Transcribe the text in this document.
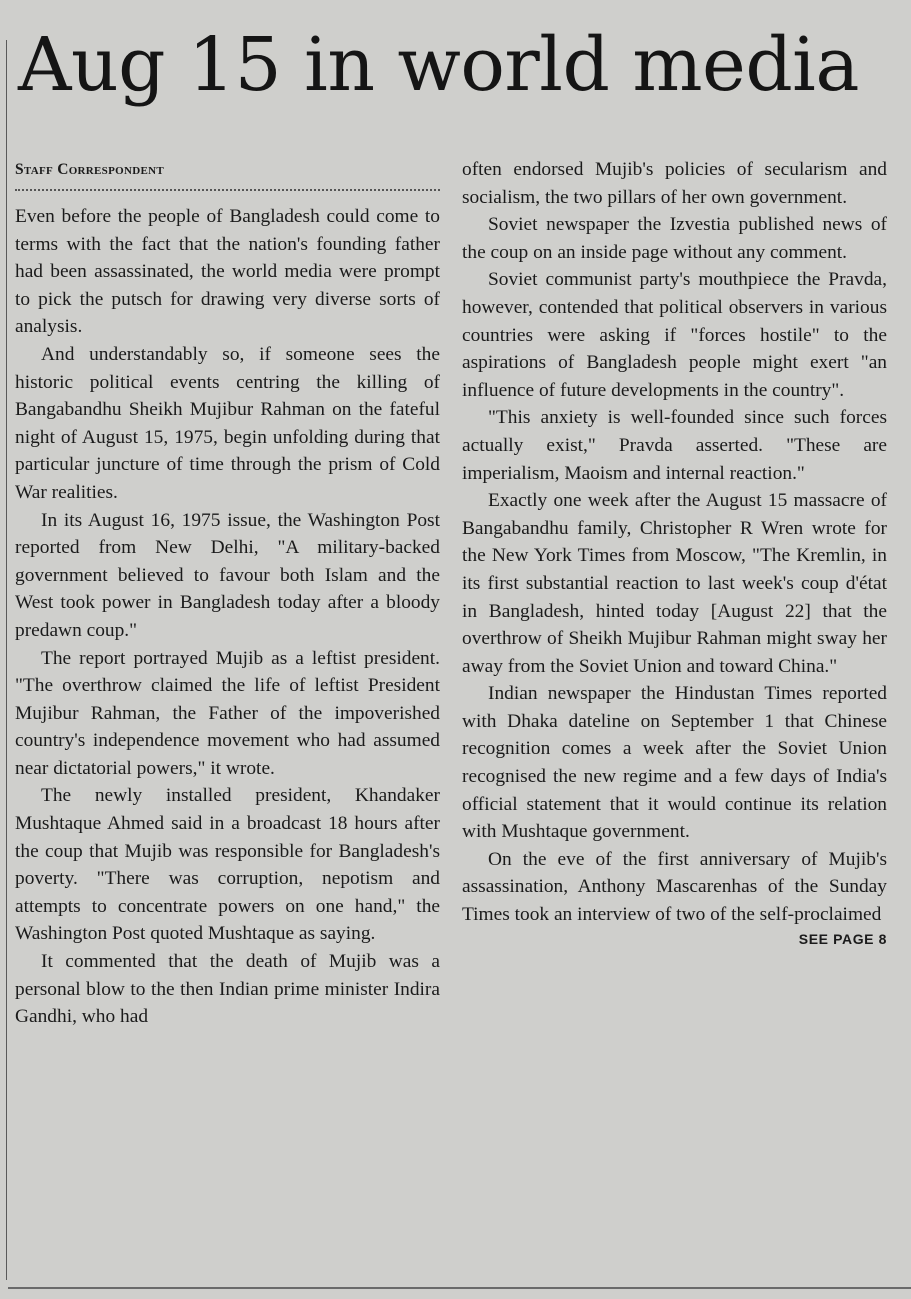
Aug 15 in world media
Staff Correspondent

Even before the people of Bangladesh could come to terms with the fact that the nation's founding father had been assassinated, the world media were prompt to pick the putsch for drawing very diverse sorts of analysis.

And understandably so, if someone sees the historic political events centring the killing of Bangabandhu Sheikh Mujibur Rahman on the fateful night of August 15, 1975, begin unfolding during that particular juncture of time through the prism of Cold War realities.

In its August 16, 1975 issue, the Washington Post reported from New Delhi, "A military-backed government believed to favour both Islam and the West took power in Bangladesh today after a bloody predawn coup."

The report portrayed Mujib as a leftist president. "The overthrow claimed the life of leftist President Mujibur Rahman, the Father of the impoverished country's independence movement who had assumed near dictatorial powers," it wrote.

The newly installed president, Khandaker Mushtaque Ahmed said in a broadcast 18 hours after the coup that Mujib was responsible for Bangladesh's poverty. "There was corruption, nepotism and attempts to concentrate powers on one hand," the Washington Post quoted Mushtaque as saying.

It commented that the death of Mujib was a personal blow to the then Indian prime minister Indira Gandhi, who had

often endorsed Mujib's policies of secularism and socialism, the two pillars of her own government.

Soviet newspaper the Izvestia published news of the coup on an inside page without any comment.

Soviet communist party's mouthpiece the Pravda, however, contended that political observers in various countries were asking if "forces hostile" to the aspirations of Bangladesh people might exert "an influence of future developments in the country".

"This anxiety is well-founded since such forces actually exist," Pravda asserted. "These are imperialism, Maoism and internal reaction."

Exactly one week after the August 15 massacre of Bangabandhu family, Christopher R Wren wrote for the New York Times from Moscow, "The Kremlin, in its first substantial reaction to last week's coup d'état in Bangladesh, hinted today [August 22] that the overthrow of Sheikh Mujibur Rahman might sway her away from the Soviet Union and toward China."

Indian newspaper the Hindustan Times reported with Dhaka dateline on September 1 that Chinese recognition comes a week after the Soviet Union recognised the new regime and a few days of India's official statement that it would continue its relation with Mushtaque government.

On the eve of the first anniversary of Mujib's assassination, Anthony Mascarenhas of the Sunday Times took an interview of two of the self-proclaimed

SEE PAGE 8
